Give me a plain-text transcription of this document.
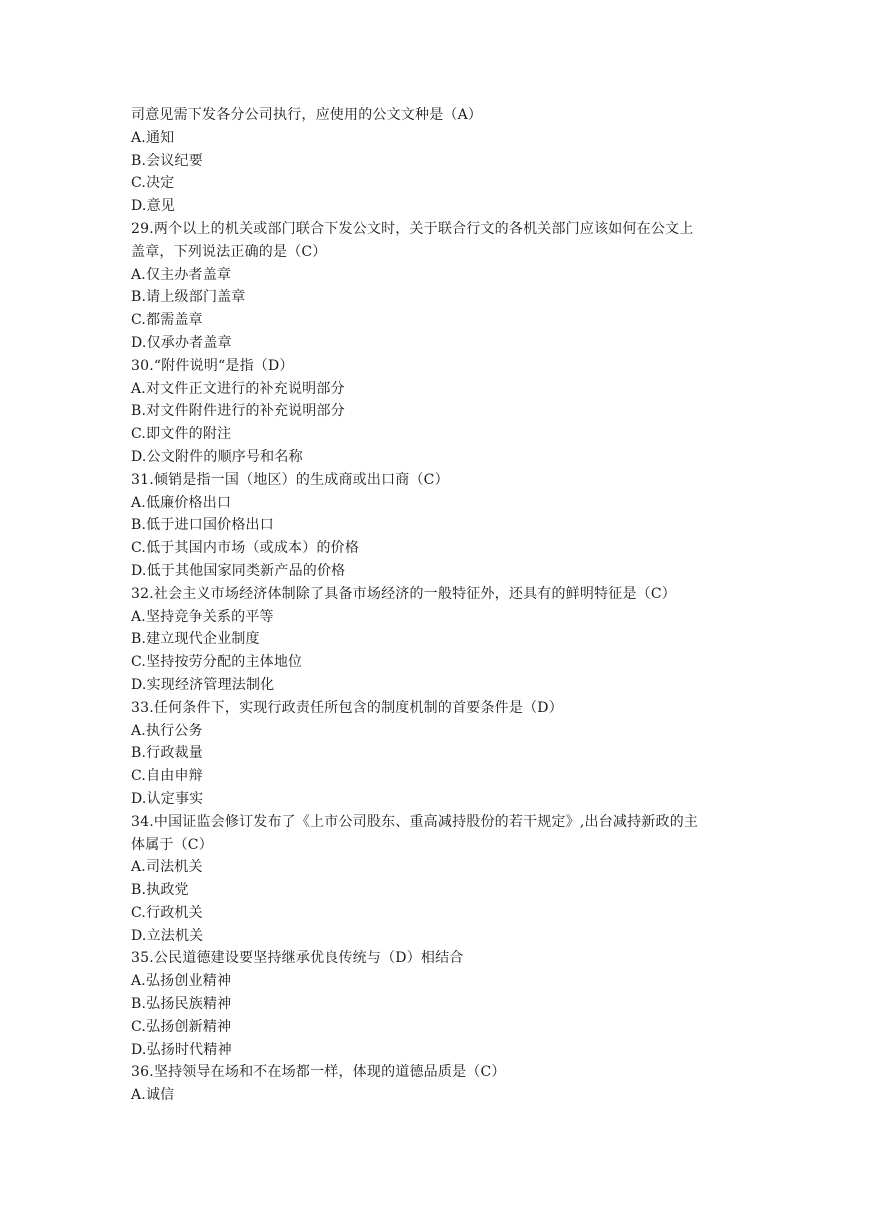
司意见需下发各分公司执行，应使用的公文文种是（A）
A.通知
B.会议纪要
C.决定
D.意见
29.两个以上的机关或部门联合下发公文时，关于联合行文的各机关部门应该如何在公文上
盖章，下列说法正确的是（C）
A.仅主办者盖章
B.请上级部门盖章
C.都需盖章
D.仅承办者盖章
30.“附件说明“是指（D）
A.对文件正文进行的补充说明部分
B.对文件附件进行的补充说明部分
C.即文件的附注
D.公文附件的顺序号和名称
31.倾销是指一国（地区）的生成商或出口商（C）
A.低廉价格出口
B.低于进口国价格出口
C.低于其国内市场（或成本）的价格
D.低于其他国家同类新产品的价格
32.社会主义市场经济体制除了具备市场经济的一般特征外，还具有的鲜明特征是（C）
A.坚持竞争关系的平等
B.建立现代企业制度
C.坚持按劳分配的主体地位
D.实现经济管理法制化
33.任何条件下，实现行政责任所包含的制度机制的首要条件是（D）
A.执行公务
B.行政裁量
C.自由申辩
D.认定事实
34.中国证监会修订发布了《上市公司股东、重高减持股份的若干规定》,出台减持新政的主
体属于（C）
A.司法机关
B.执政党
C.行政机关
D.立法机关
35.公民道德建设要坚持继承优良传统与（D）相结合
A.弘扬创业精神
B.弘扬民族精神
C.弘扬创新精神
D.弘扬时代精神
36.坚持领导在场和不在场都一样，体现的道德品质是（C）
A.诚信
